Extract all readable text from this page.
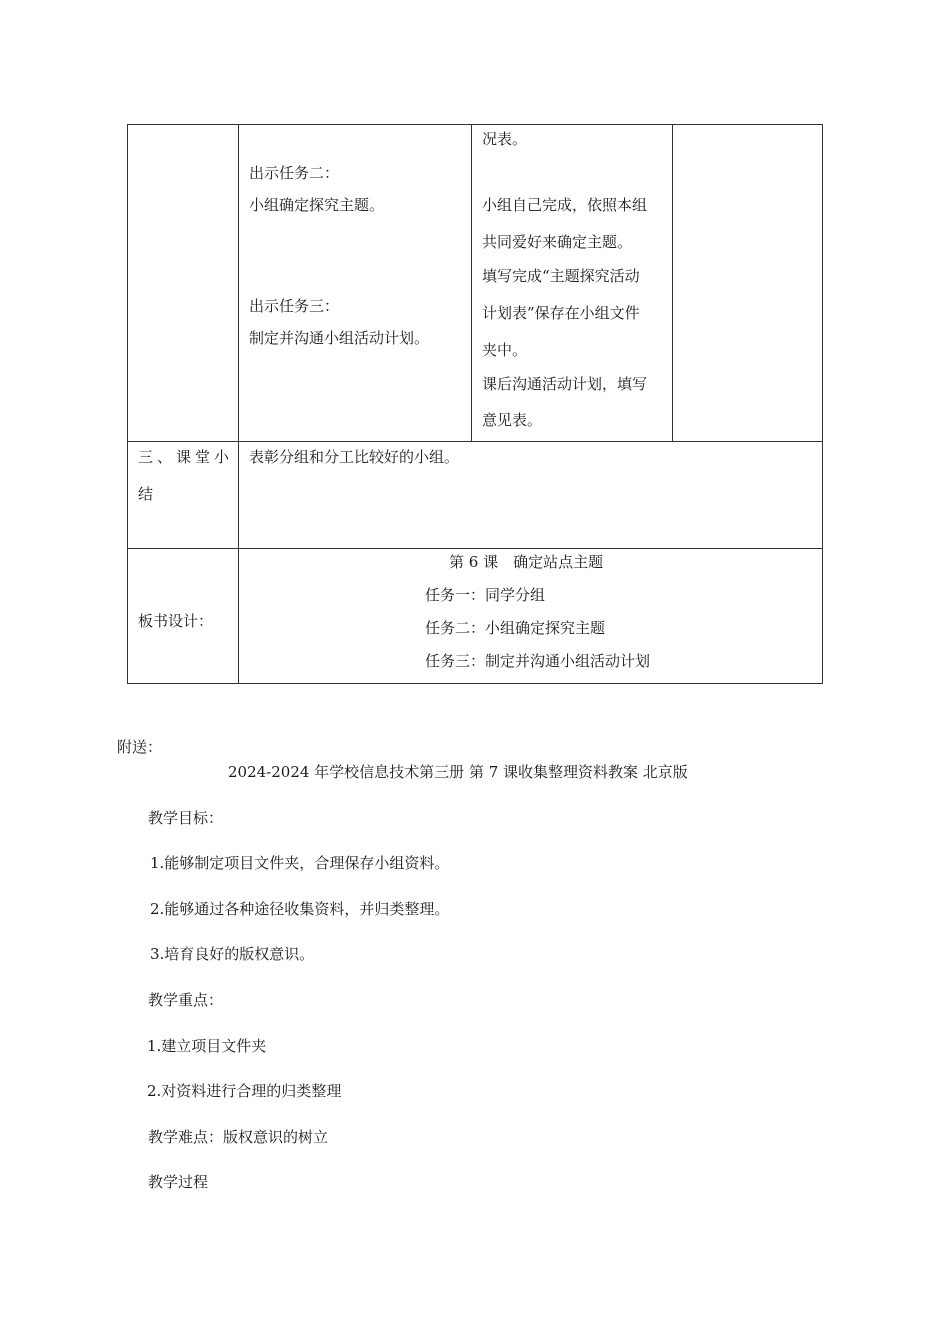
出示任务二：
小组确定探究主题。
出示任务三：
制定并沟通小组活动计划。
况表。
小组自己完成，依照本组
共同爱好来确定主题。
填写完成“主题探究活动
计划表”保存在小组文件
夹中。
课后沟通活动计划，填写
意见表。
三、课堂小
结
表彰分组和分工比较好的小组。
板书设计：
第 6 课　确定站点主题
任务一：同学分组
任务二：小组确定探究主题
任务三：制定并沟通小组活动计划
附送：
2024-2024 年学校信息技术第三册 第 7 课收集整理资料教案 北京版
教学目标：
1.能够制定项目文件夹，合理保存小组资料。
2.能够通过各种途径收集资料，并归类整理。
3.培育良好的版权意识。
教学重点：
1.建立项目文件夹
2.对资料进行合理的归类整理
教学难点：版权意识的树立
教学过程
